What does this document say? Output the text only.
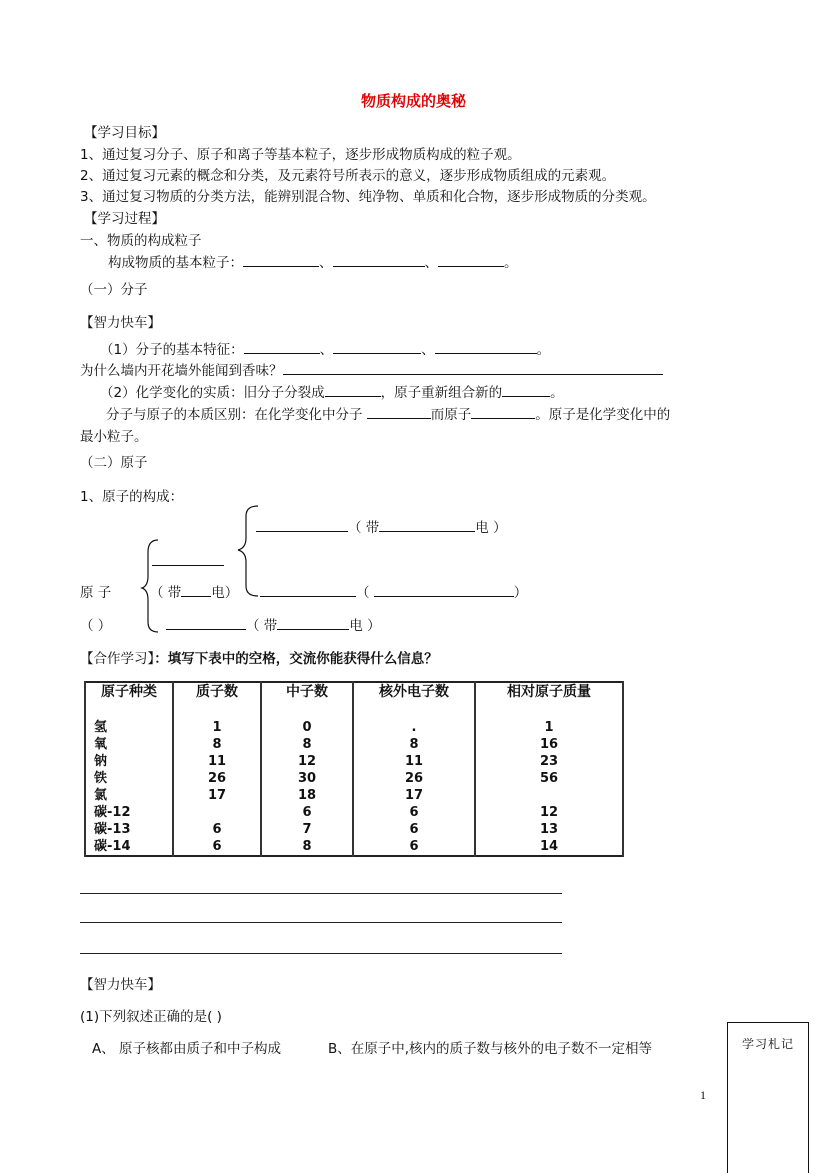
物质构成的奥秘
【学习目标】
1、通过复习分子、原子和离子等基本粒子，逐步形成物质构成的粒子观。
2、通过复习元素的概念和分类，及元素符号所表示的意义，逐步形成物质组成的元素观。
3、通过复习物质的分类方法，能辨别混合物、纯净物、单质和化合物，逐步形成物质的分类观。
【学习过程】
一、物质的构成粒子
构成物质的基本粒子：	、	、	。
（一）分子
【智力快车】
（1）分子的基本特征：	、	、	。
为什么墙内开花墙外能闻到香味？
（2）化学变化的实质：旧分子分裂成	，原子重新组合新的	。
分子与原子的本质区别：在化学变化中分子	而原子	。原子是化学变化中的
最小粒子。
（二）原子
1、原子的构成：
（ 带	电 ）
原 子	（ 带 电）	（	）
（ ）	（ 带	电 ）
【合作学习】：填写下表中的空格，交流你能获得什么信息？
原子种类	质子数	中子数	核外电子数	相对原子质量
氢	1	0	.	1
氧	8	8	8	16
钠	11	12	11	23
铁	26	30	26	56
氯	17	18	17	
碳-12		6	6	12
碳-13	6	7	6	13
碳-14	6	8	6	14
【智力快车】
(1)下列叙述正确的是( )
A、 原子核都由质子和中子构成	B、在原子中,核内的质子数与核外的电子数不一定相等	学习札记
1
